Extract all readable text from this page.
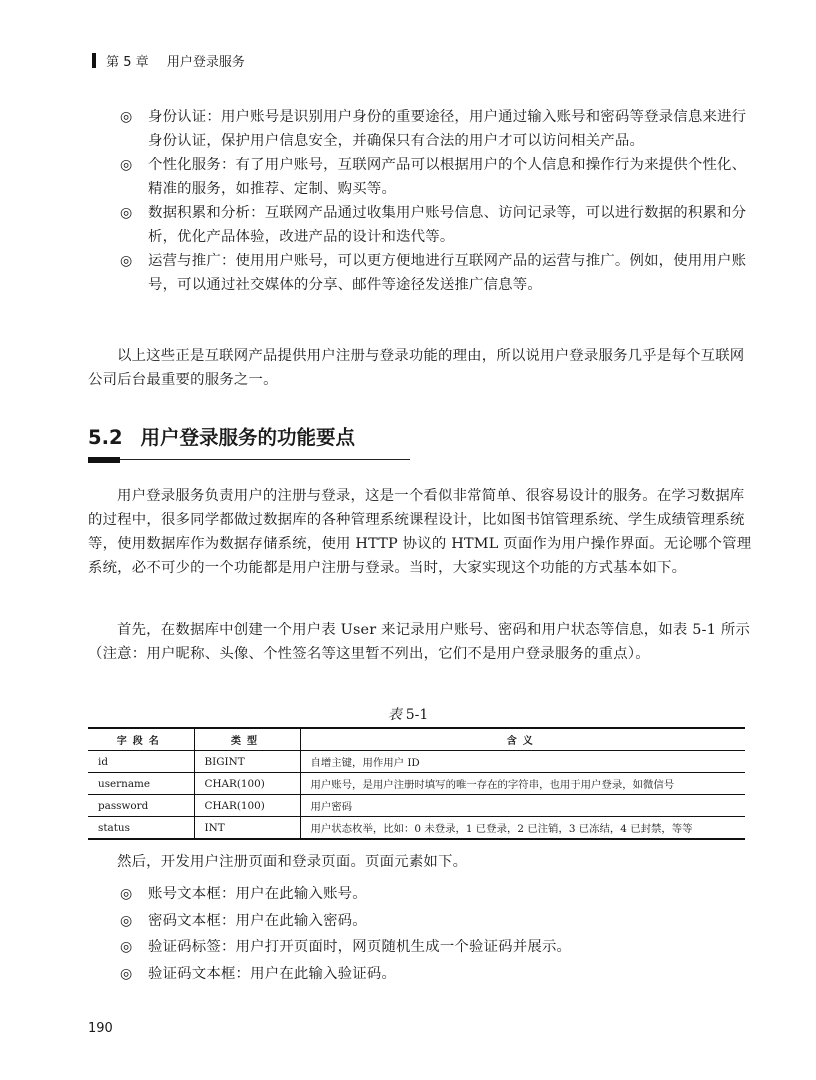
第 5 章 用户登录服务
◎ 身份认证：用户账号是识别用户身份的重要途径，用户通过输入账号和密码等登录信息来进行身份认证，保护用户信息安全，并确保只有合法的用户才可以访问相关产品。
◎ 个性化服务：有了用户账号，互联网产品可以根据用户的个人信息和操作行为来提供个性化、精准的服务，如推荐、定制、购买等。
◎ 数据积累和分析：互联网产品通过收集用户账号信息、访问记录等，可以进行数据的积累和分析，优化产品体验，改进产品的设计和迭代等。
◎ 运营与推广：使用用户账号，可以更方便地进行互联网产品的运营与推广。例如，使用用户账号，可以通过社交媒体的分享、邮件等途径发送推广信息等。

以上这些正是互联网产品提供用户注册与登录功能的理由，所以说用户登录服务几乎是每个互联网公司后台最重要的服务之一。

5.2 用户登录服务的功能要点

用户登录服务负责用户的注册与登录，这是一个看似非常简单、很容易设计的服务。在学习数据库的过程中，很多同学都做过数据库的各种管理系统课程设计，比如图书馆管理系统、学生成绩管理系统等，使用数据库作为数据存储系统，使用 HTTP 协议的 HTML 页面作为用户操作界面。无论哪个管理系统，必不可少的一个功能都是用户注册与登录。当时，大家实现这个功能的方式基本如下。

首先，在数据库中创建一个用户表 User 来记录用户账号、密码和用户状态等信息，如表 5-1 所示（注意：用户昵称、头像、个性签名等这里暂不列出，它们不是用户登录服务的重点）。

表 5-1
字段名	类型	含义
id	BIGINT	自增主键，用作用户 ID
username	CHAR(100)	用户账号，是用户注册时填写的唯一存在的字符串，也用于用户登录，如微信号
password	CHAR(100)	用户密码
status	INT	用户状态枚举，比如：0 未登录，1 已登录，2 已注销，3 已冻结，4 已封禁，等等

然后，开发用户注册页面和登录页面。页面元素如下。

◎ 账号文本框：用户在此输入账号。
◎ 密码文本框：用户在此输入密码。
◎ 验证码标签：用户打开页面时，网页随机生成一个验证码并展示。
◎ 验证码文本框：用户在此输入验证码。
190
